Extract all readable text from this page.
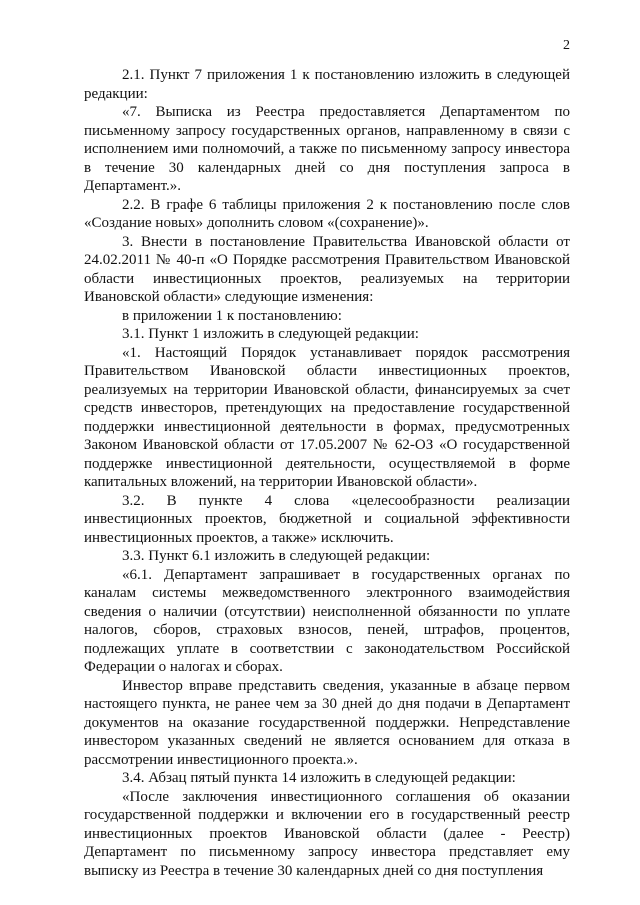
2

2.1. Пункт 7 приложения 1 к постановлению изложить в следующей редакции:

«7. Выписка из Реестра предоставляется Департаментом по письменному запросу государственных органов, направленному в связи с исполнением ими полномочий, а также по письменному запросу инвестора в течение 30 календарных дней со дня поступления запроса в Департамент.».

2.2. В графе 6 таблицы приложения 2 к постановлению после слов «Создание новых» дополнить словом «(сохранение)».

3. Внести в постановление Правительства Ивановской области от 24.02.2011 № 40-п «О Порядке рассмотрения Правительством Ивановской области инвестиционных проектов, реализуемых на территории Ивановской области» следующие изменения:

в приложении 1 к постановлению:

3.1. Пункт 1 изложить в следующей редакции:

«1. Настоящий Порядок устанавливает порядок рассмотрения Правительством Ивановской области инвестиционных проектов, реализуемых на территории Ивановской области, финансируемых за счет средств инвесторов, претендующих на предоставление государственной поддержки инвестиционной деятельности в формах, предусмотренных Законом Ивановской области от 17.05.2007 № 62-ОЗ «О государственной поддержке инвестиционной деятельности, осуществляемой в форме капитальных вложений, на территории Ивановской области».

3.2. В пункте 4 слова «целесообразности реализации инвестиционных проектов, бюджетной и социальной эффективности инвестиционных проектов, а также» исключить.

3.3. Пункт 6.1 изложить в следующей редакции:

«6.1. Департамент запрашивает в государственных органах по каналам системы межведомственного электронного взаимодействия сведения о наличии (отсутствии) неисполненной обязанности по уплате налогов, сборов, страховых взносов, пеней, штрафов, процентов, подлежащих уплате в соответствии с законодательством Российской Федерации о налогах и сборах.

Инвестор вправе представить сведения, указанные в абзаце первом настоящего пункта, не ранее чем за 30 дней до дня подачи в Департамент документов на оказание государственной поддержки. Непредставление инвестором указанных сведений не является основанием для отказа в рассмотрении инвестиционного проекта.».

3.4. Абзац пятый пункта 14 изложить в следующей редакции:

«После заключения инвестиционного соглашения об оказании государственной поддержки и включении его в государственный реестр инвестиционных проектов Ивановской области (далее - Реестр) Департамент по письменному запросу инвестора представляет ему выписку из Реестра в течение 30 календарных дней со дня поступления
